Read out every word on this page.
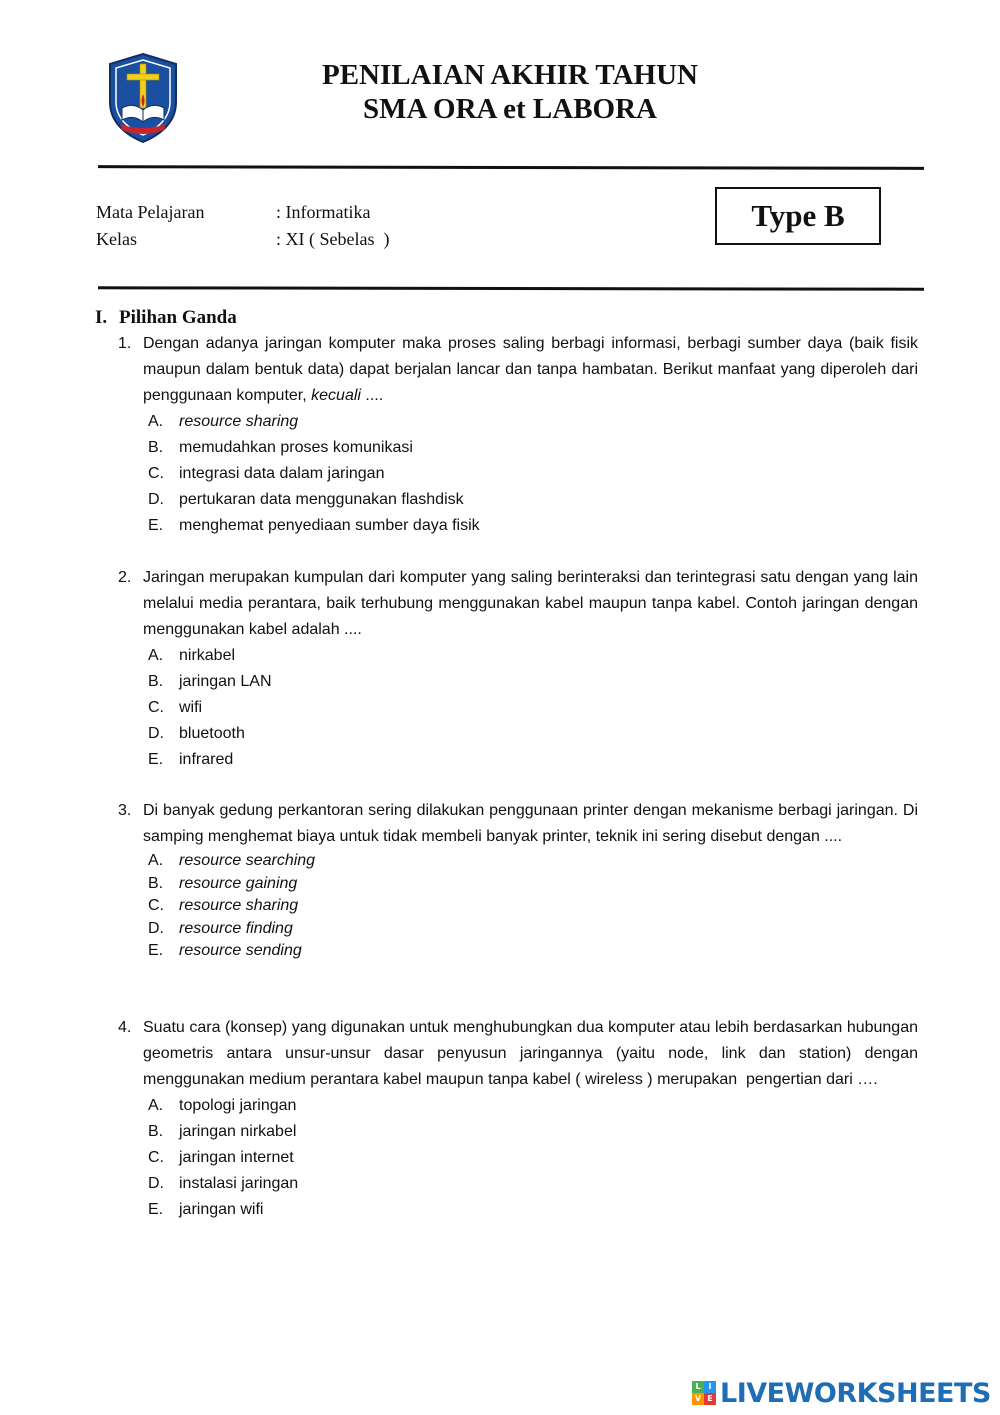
PENILAIAN AKHIR TAHUN
SMA ORA et LABORA
Mata Pelajaran	: Informatika
Kelas	: XI ( Sebelas  )
Type B
I. Pilihan Ganda
1. Dengan adanya jaringan komputer maka proses saling berbagi informasi, berbagi sumber daya (baik fisik maupun dalam bentuk data) dapat berjalan lancar dan tanpa hambatan. Berikut manfaat yang diperoleh dari penggunaan komputer, kecuali ....
A. resource sharing
B. memudahkan proses komunikasi
C. integrasi data dalam jaringan
D. pertukaran data menggunakan flashdisk
E. menghemat penyediaan sumber daya fisik
2. Jaringan merupakan kumpulan dari komputer yang saling berinteraksi dan terintegrasi satu dengan yang lain melalui media perantara, baik terhubung menggunakan kabel maupun tanpa kabel. Contoh jaringan dengan menggunakan kabel adalah ....
A. nirkabel
B. jaringan LAN
C. wifi
D. bluetooth
E. infrared
3. Di banyak gedung perkantoran sering dilakukan penggunaan printer dengan mekanisme berbagi jaringan. Di samping menghemat biaya untuk tidak membeli banyak printer, teknik ini sering disebut dengan ....
A. resource searching
B. resource gaining
C. resource sharing
D. resource finding
E. resource sending
4. Suatu cara (konsep) yang digunakan untuk menghubungkan dua komputer atau lebih berdasarkan hubungan geometris antara unsur-unsur dasar penyusun jaringannya (yaitu node, link dan station) dengan menggunakan medium perantara kabel maupun tanpa kabel ( wireless ) merupakan  pengertian dari ….
A. topologi jaringan
B. jaringan nirkabel
C. jaringan internet
D. instalasi jaringan
E. jaringan wifi
L I
V E LIVEWORKSHEETS
